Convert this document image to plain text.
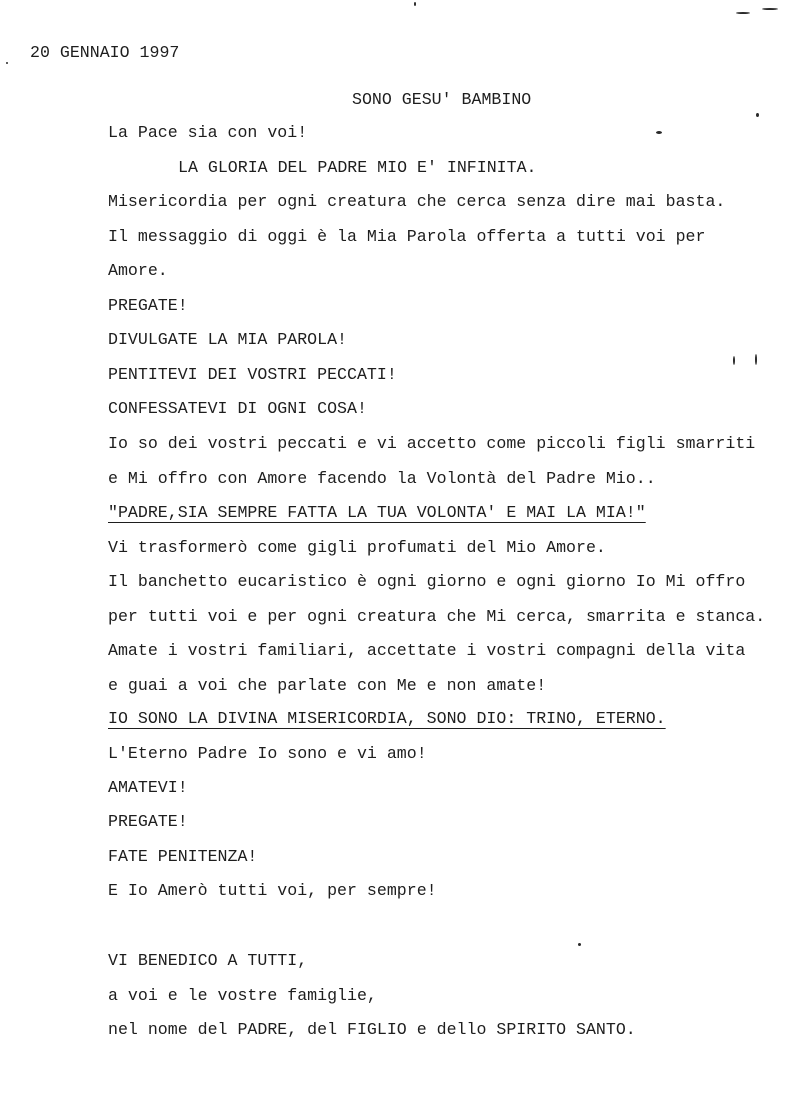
20 GENNAIO 1997
SONO GESU' BAMBINO
La Pace sia con voi!
LA GLORIA DEL PADRE MIO E' INFINITA.
Misericordia per ogni creatura che cerca senza dire mai basta.
Il messaggio di oggi è la Mia Parola offerta a tutti voi per
Amore.
PREGATE!
DIVULGATE LA MIA PAROLA!
PENTITEVI DEI VOSTRI PECCATI!
CONFESSATEVI DI OGNI COSA!
Io so dei vostri peccati e vi accetto come piccoli figli smarriti
e Mi offro con Amore facendo la Volontà del Padre Mio..
"PADRE,SIA SEMPRE FATTA LA TUA VOLONTA' E MAI LA MIA!"
Vi trasformerò come gigli profumati del Mio Amore.
Il banchetto eucaristico è ogni giorno e ogni giorno Io Mi offro
per tutti voi e per ogni creatura che Mi cerca, smarrita e stanca.
Amate i vostri familiari, accettate i vostri compagni della vita
e guai a voi che parlate con Me e non amate!
IO SONO LA DIVINA MISERICORDIA, SONO DIO: TRINO, ETERNO.
L'Eterno Padre Io sono e vi amo!
AMATEVI!
PREGATE!
FATE PENITENZA!
E Io Amerò tutti voi, per sempre!
VI BENEDICO A TUTTI,
a voi e le vostre famiglie,
nel nome del PADRE, del FIGLIO e dello SPIRITO SANTO.
